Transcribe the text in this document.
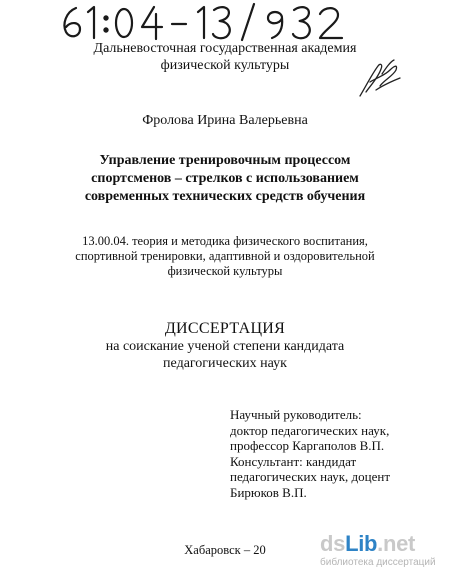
Дальневосточная государственная академия
физической культуры
Фролова Ирина Валерьевна
Управление тренировочным процессом
спортсменов – стрелков с использованием
современных технических средств обучения
13.00.04. теория и методика физического воспитания,
спортивной тренировки, адаптивной и оздоровительной
физической культуры
ДИССЕРТАЦИЯ
на соискание ученой степени кандидата
педагогических наук
Научный руководитель:
доктор педагогических наук,
профессор Каргаполов В.П.
Консультант: кандидат
педагогических наук, доцент
Бирюков В.П.
Хабаровск – 20	dsLib.net
библиотека диссертаций
